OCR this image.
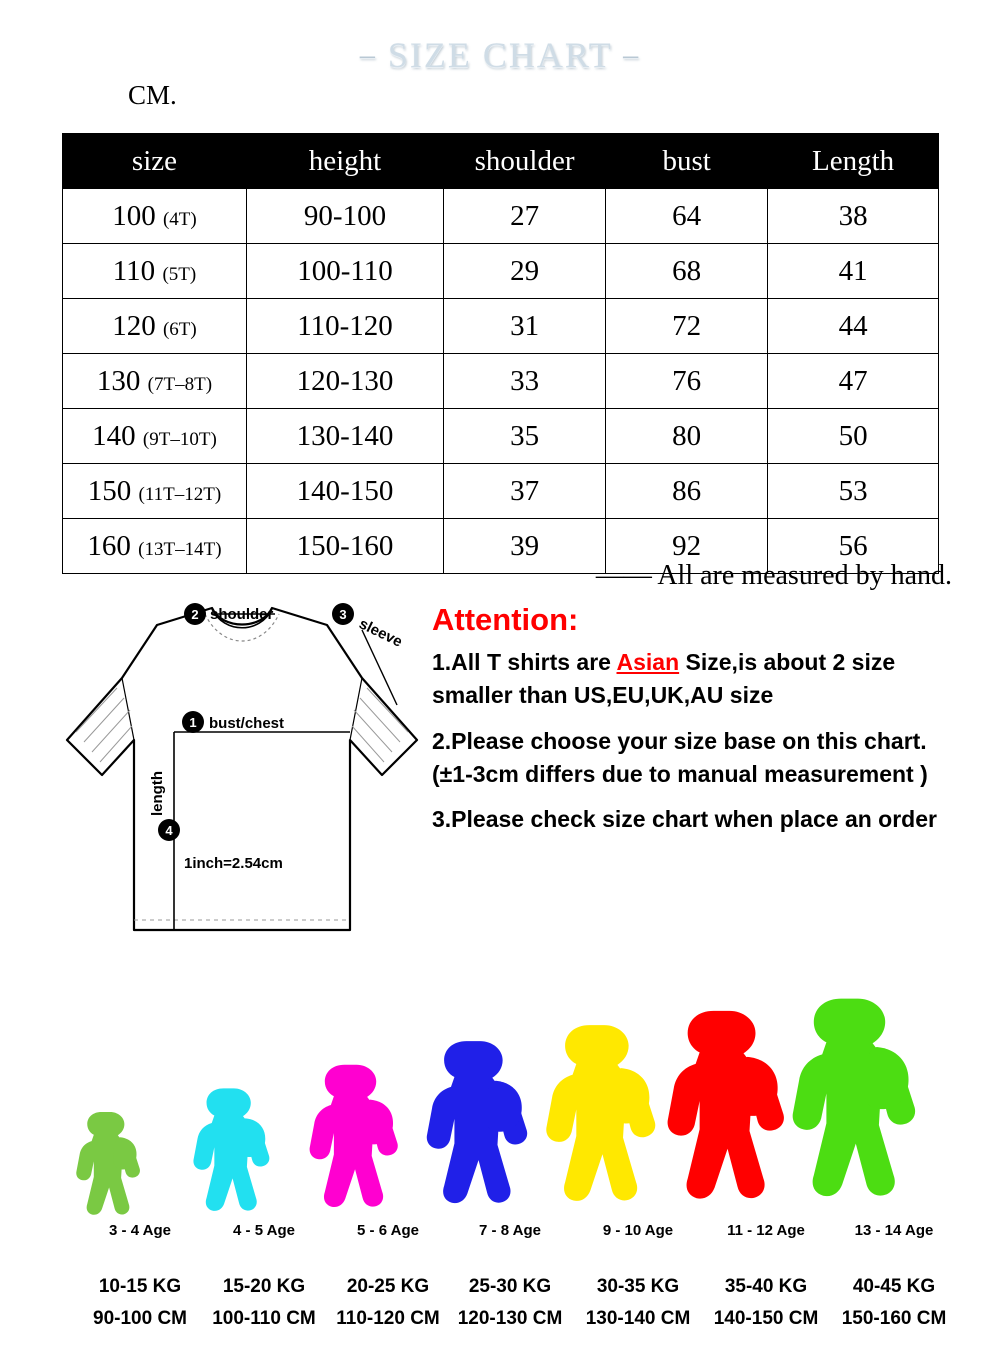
– SIZE CHART –
CM.
size	height	shoulder	bust	Length
100 (4T)	90-100	27	64	38
110 (5T)	100-110	29	68	41
120 (6T)	110-120	31	72	44
130 (7T–8T)	120-130	33	76	47
140 (9T–10T)	130-140	35	80	50
150 (11T–12T)	140-150	37	86	53
160 (13T–14T)	150-160	39	92	56
—— All are measured by hand.
2 shoulder	3
sleeve
1 bust/chest
4
length
1inch=2.54cm
Attention:

1.All T shirts are Asian Size,is about 2 size smaller than US,EU,UK,AU size

2.Please choose your size base on this chart.(±1-3cm differs due to manual measurement )

3.Please check size chart when place an order

3 - 4 Age	4 - 5 Age	5 - 6 Age	7 - 8 Age	9 - 10 Age	11 - 12 Age	13 - 14 Age
10-15 KG	15-20 KG	20-25 KG	25-30 KG	30-35 KG	35-40 KG	40-45 KG
90-100 CM	100-110 CM	110-120 CM 120-130 CM	130-140 CM	140-150 CM	150-160 CM
